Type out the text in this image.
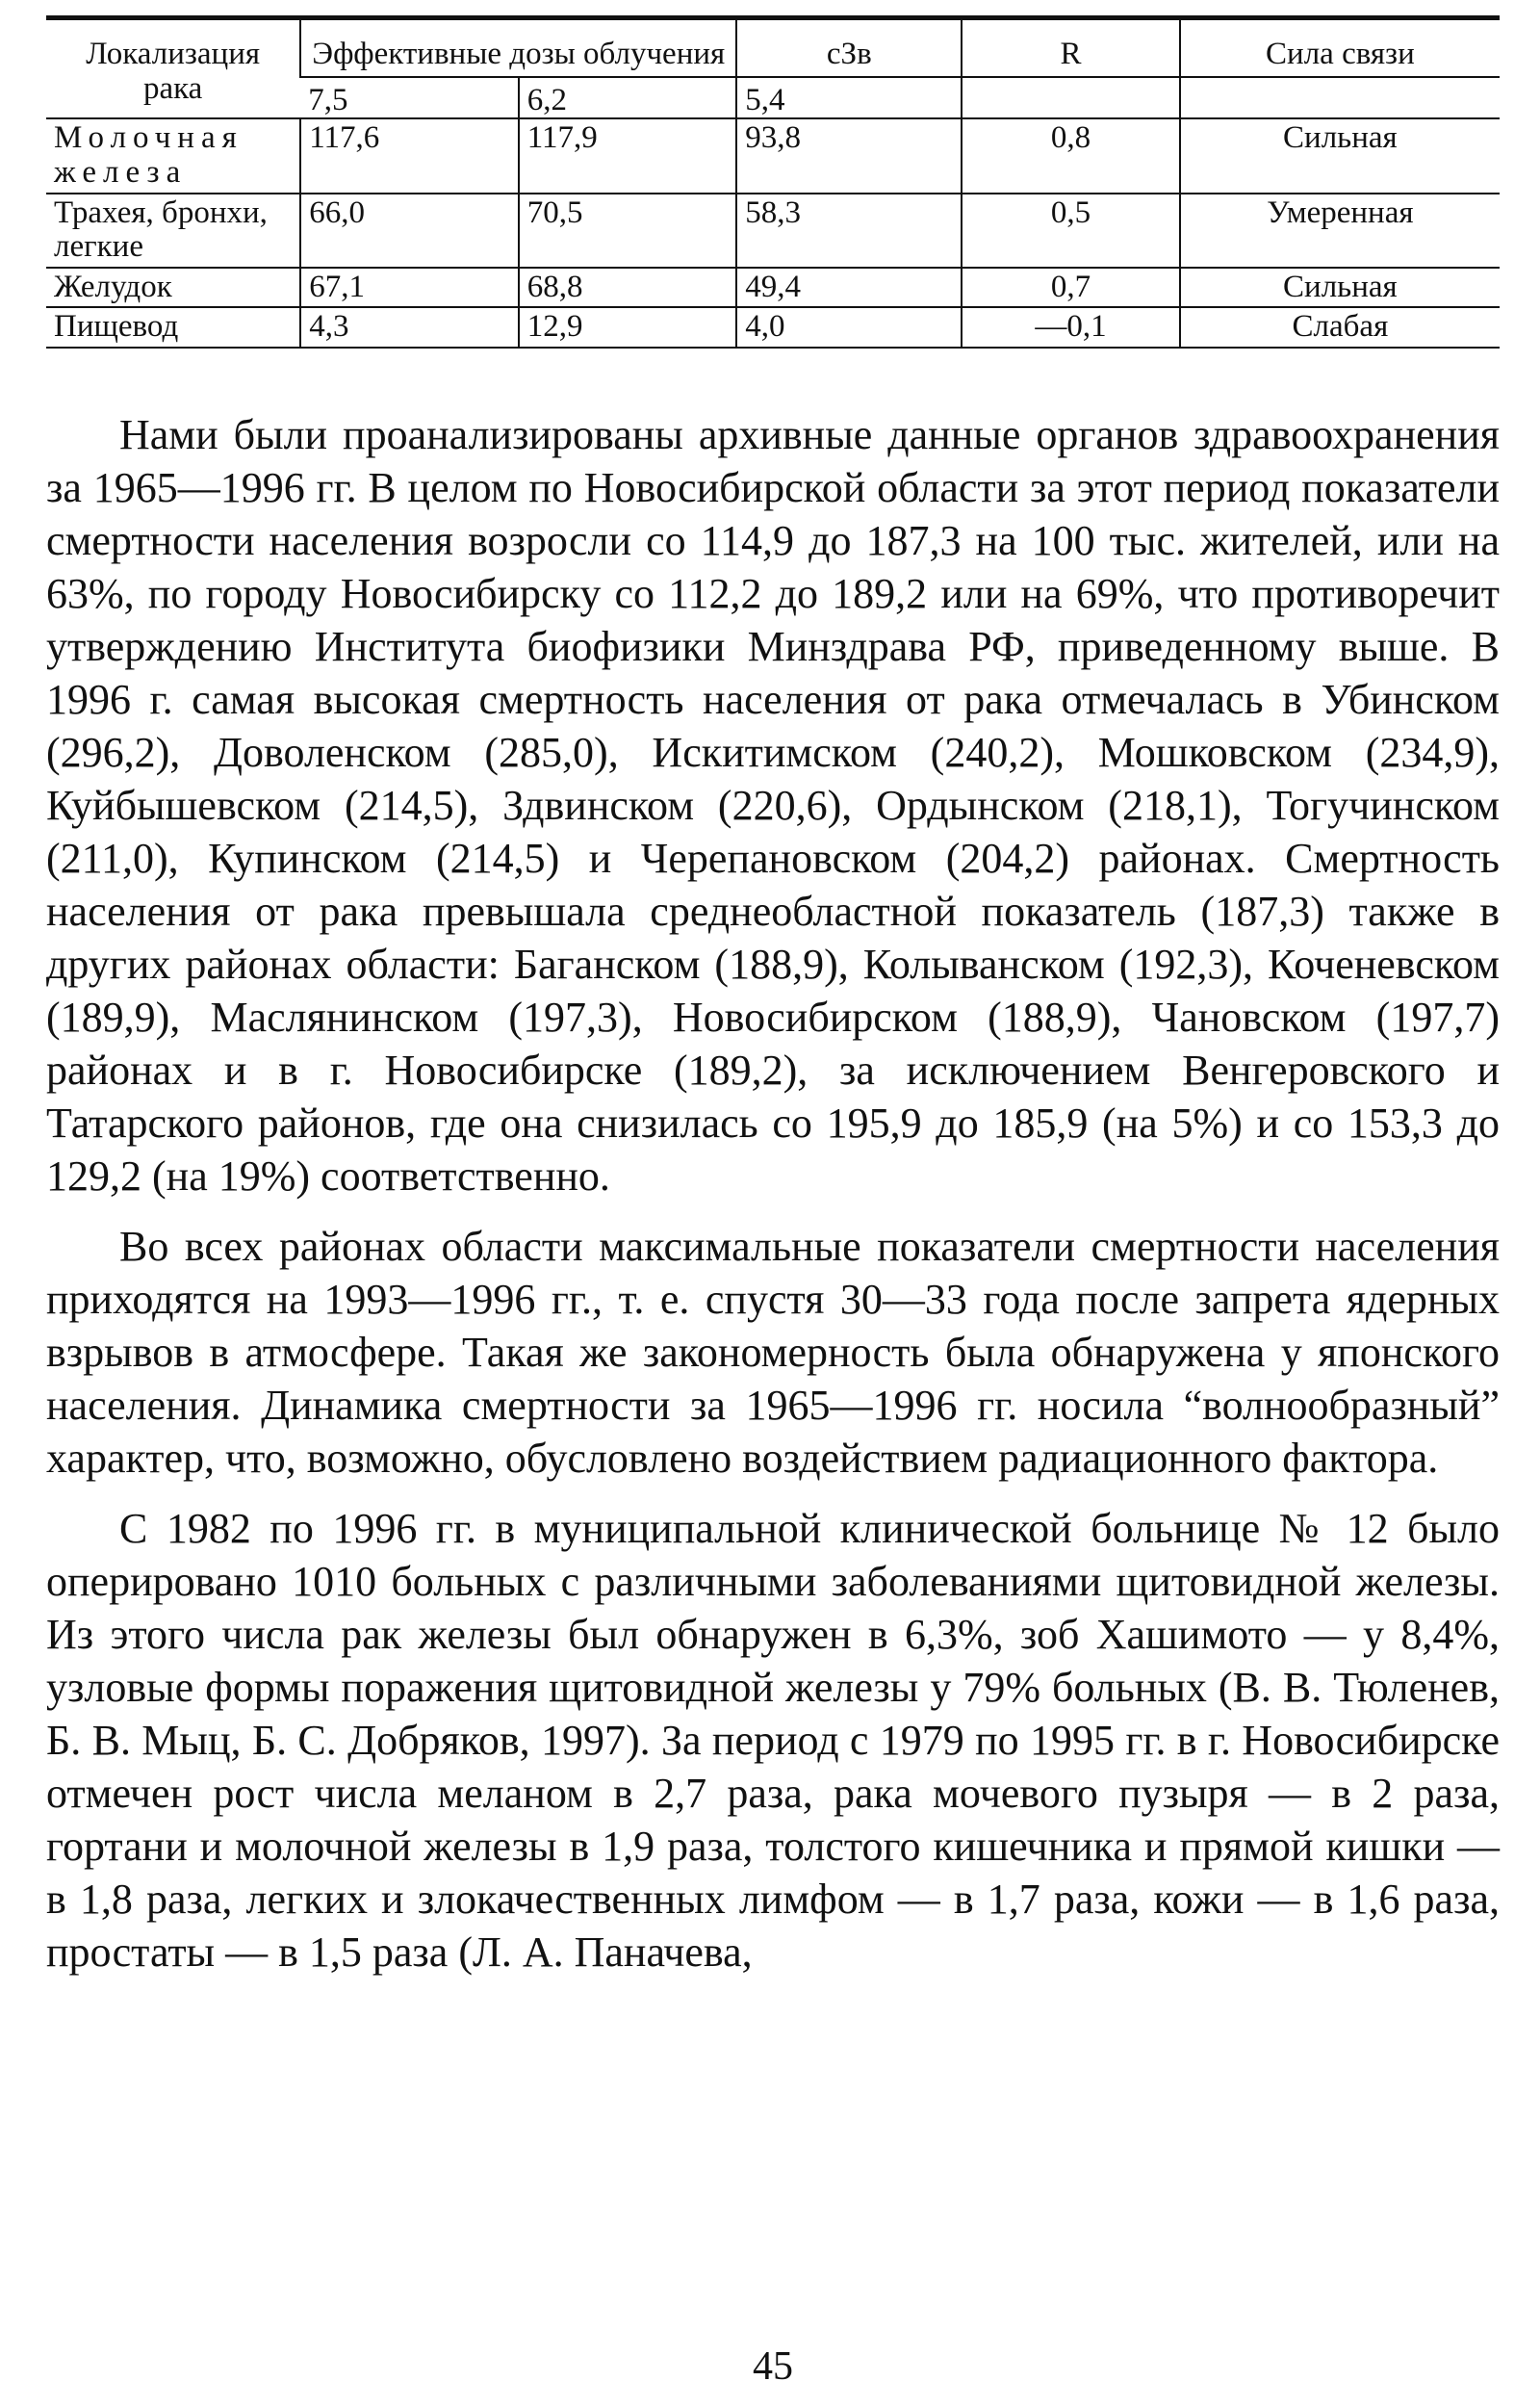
Локализация рака	Эффективные дозы облучения		сЗв	R	Сила связи
	7,5	6,2	5,4		
Молочная железа	117,6	117,9	93,8	0,8	Сильная
Трахея, бронхи, легкие	66,0	70,5	58,3	0,5	Умеренная
Желудок	67,1	68,8	49,4	0,7	Сильная
Пищевод	4,3	12,9	4,0	—0,1	Слабая

Нами были проанализированы архивные данные органов здравоохранения за 1965—1996 гг. В целом по Новосибирской области за этот период показатели смертности населения возросли со 114,9 до 187,3 на 100 тыс. жителей, или на 63%, по городу Новосибирску со 112,2 до 189,2 или на 69%, что противоречит утверждению Института биофизики Минздрава РФ, приведенному выше. В 1996 г. самая высокая смертность населения от рака отмечалась в Убинском (296,2), Доволенском (285,0), Искитимском (240,2), Мошковском (234,9), Куйбышевском (214,5), Здвинском (220,6), Ордынском (218,1), Тогучинском (211,0), Купинском (214,5) и Черепановском (204,2) районах. Смертность населения от рака превышала среднеобластной показатель (187,3) также в других районах области: Баганском (188,9), Колыванском (192,3), Коченевском (189,9), Маслянинском (197,3), Новосибирском (188,9), Чановском (197,7) районах и в г. Новосибирске (189,2), за исключением Венгеровского и Татарского районов, где она снизилась со 195,9 до 185,9 (на 5%) и со 153,3 до 129,2 (на 19%) соответственно.

Во всех районах области максимальные показатели смертности населения приходятся на 1993—1996 гг., т. е. спустя 30—33 года после запрета ядерных взрывов в атмосфере. Такая же закономерность была обнаружена у японского населения. Динамика смертности за 1965—1996 гг. носила “волнообразный” характер, что, возможно, обусловлено воздействием радиационного фактора.

С 1982 по 1996 гг. в муниципальной клинической больнице № 12 было оперировано 1010 больных с различными заболеваниями щитовидной железы. Из этого числа рак железы был обнаружен в 6,3%, зоб Хашимото — у 8,4%, узловые формы поражения щитовидной железы у 79% больных (В. В. Тюленев, Б. В. Мыц, Б. С. Добряков, 1997). За период с 1979 по 1995 гг. в г. Новосибирске отмечен рост числа меланом в 2,7 раза, рака мочевого пузыря — в 2 раза, гортани и молочной железы в 1,9 раза, толстого кишечника и прямой кишки — в 1,8 раза, легких и злокачественных лимфом — в 1,7 раза, кожи — в 1,6 раза, простаты — в 1,5 раза (Л. А. Паначева,

45
